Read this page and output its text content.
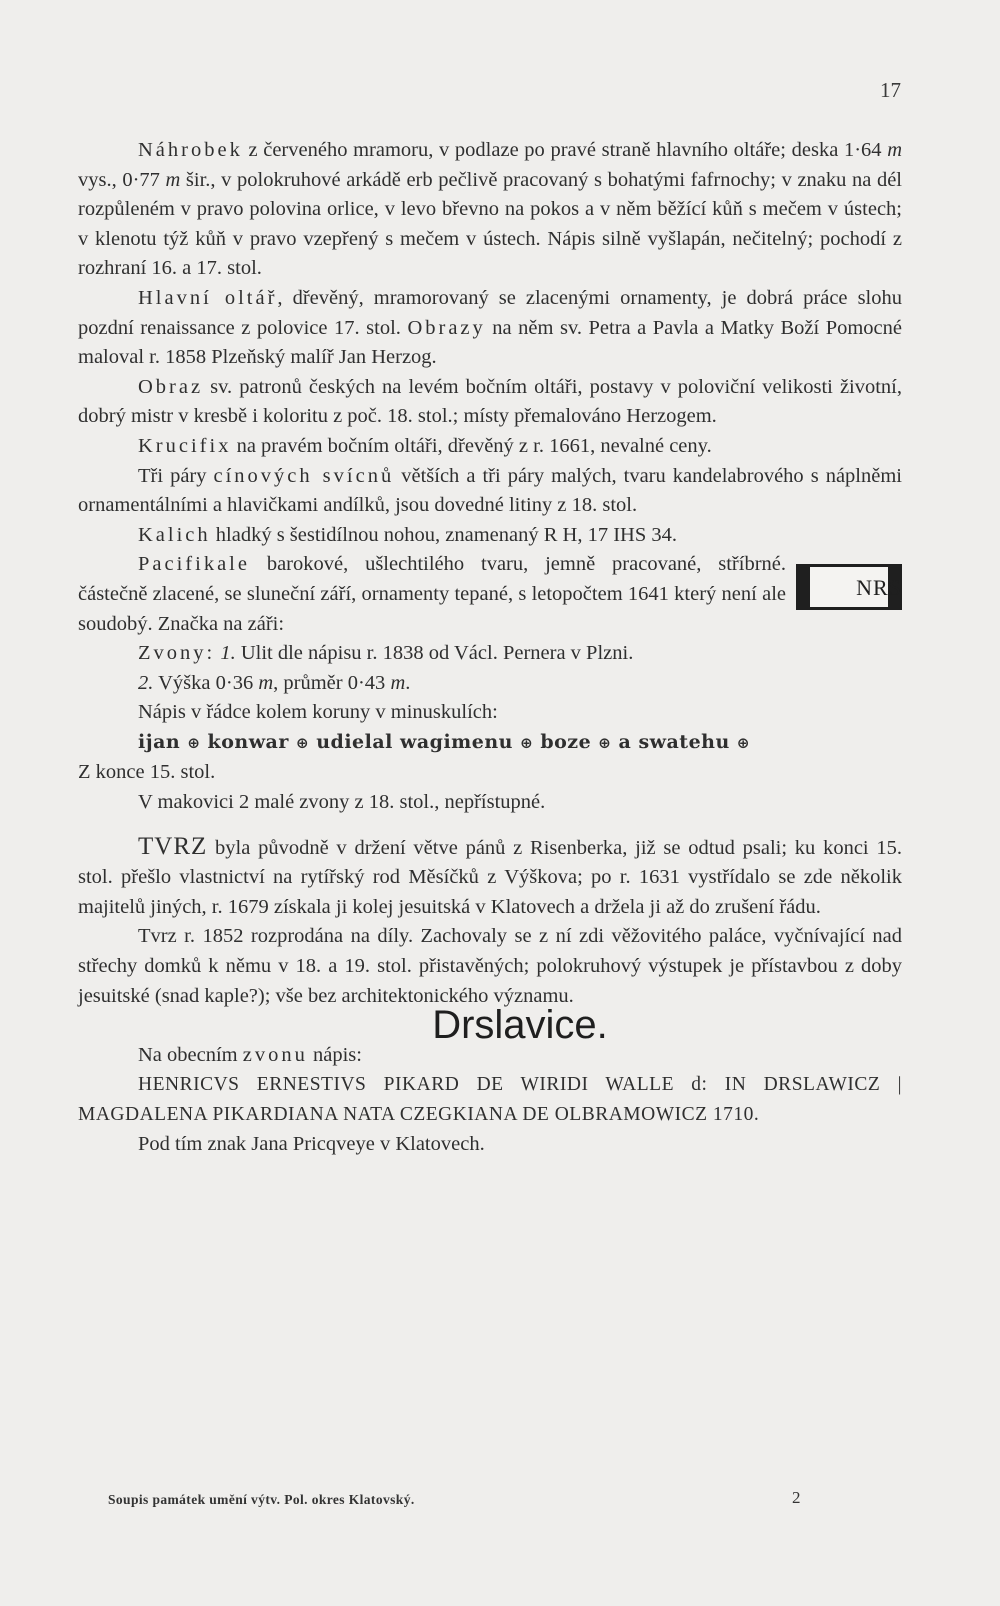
17

Náhrobek z červeného mramoru, v podlaze po pravé straně hlavního oltáře; deska 1·64 m vys., 0·77 m šir., v polokruhové arkádě erb pečlivě pracovaný s bohatými fafrnochy; v znaku na dél rozpůleném v pravo polovina orlice, v levo břevno na pokos a v něm běžící kůň s mečem v ústech; v klenotu týž kůň v pravo vzepřený s mečem v ústech. Nápis silně vyšlapán, nečitelný; pochodí z rozhraní 16. a 17. stol.

Hlavní oltář, dřevěný, mramorovaný se zlacenými ornamenty, je dobrá práce slohu pozdní renaissance z polovice 17. stol. Obrazy na něm sv. Petra a Pavla a Matky Boží Pomocné maloval r. 1858 Plzeňský malíř Jan Herzog.

Obraz sv. patronů českých na levém bočním oltáři, postavy v poloviční velikosti životní, dobrý mistr v kresbě i koloritu z poč. 18. stol.; místy přemalováno Herzogem.

Krucifix na pravém bočním oltáři, dřevěný z r. 1661, nevalné ceny.

Tři páry cínových svícnů větších a tři páry malých, tvaru kandelabrového s náplněmi ornamentálními a hlavičkami andílků, jsou dovedné litiny z 18. stol.

Kalich hladký s šestidílnou nohou, znamenaný R H, 17 IHS 34.

NRS
Pacifikale barokové, ušlechtilého tvaru, jemně pracované, stříbrné. částečně zlacené, se sluneční září, ornamenty tepané, s letopočtem 1641 který není ale soudobý. Značka na záři:

Zvony: 1. Ulit dle nápisu r. 1838 od Václ. Pernera v Plzni.

2. Výška 0·36 m, průměr 0·43 m.

Nápis v řádce kolem koruny v minuskulích:

ijan ⊕ konwar ⊕ udielal wagimenu ⊕ boze ⊕ a swatehu ⊕

Z konce 15. stol.

V makovici 2 malé zvony z 18. stol., nepřístupné.

TVRZ byla původně v držení větve pánů z Risenberka, již se odtud psali; ku konci 15. stol. přešlo vlastnictví na rytířský rod Měsíčků z Výškova; po r. 1631 vystřídalo se zde několik majitelů jiných, r. 1679 získala ji kolej jesuitská v Klatovech a držela ji až do zrušení řádu.

Tvrz r. 1852 rozprodána na díly. Zachovaly se z ní zdi věžovitého paláce, vyčnívající nad střechy domků k němu v 18. a 19. stol. přistavěných; polokruhový výstupek je přístavbou z doby jesuitské (snad kaple?); vše bez architektonického významu.

Drslavice.

Na obecním zvonu nápis:

HENRICVS ERNESTIVS PIKARD DE WIRIDI WALLE d: IN DRSLAWICZ | MAGDALENA PIKARDIANA NATA CZEGKIANA DE OLBRAMOWICZ 1710.

Pod tím znak Jana Pricqveye v Klatovech.

Soupis památek umění výtv. Pol. okres Klatovský.	2
